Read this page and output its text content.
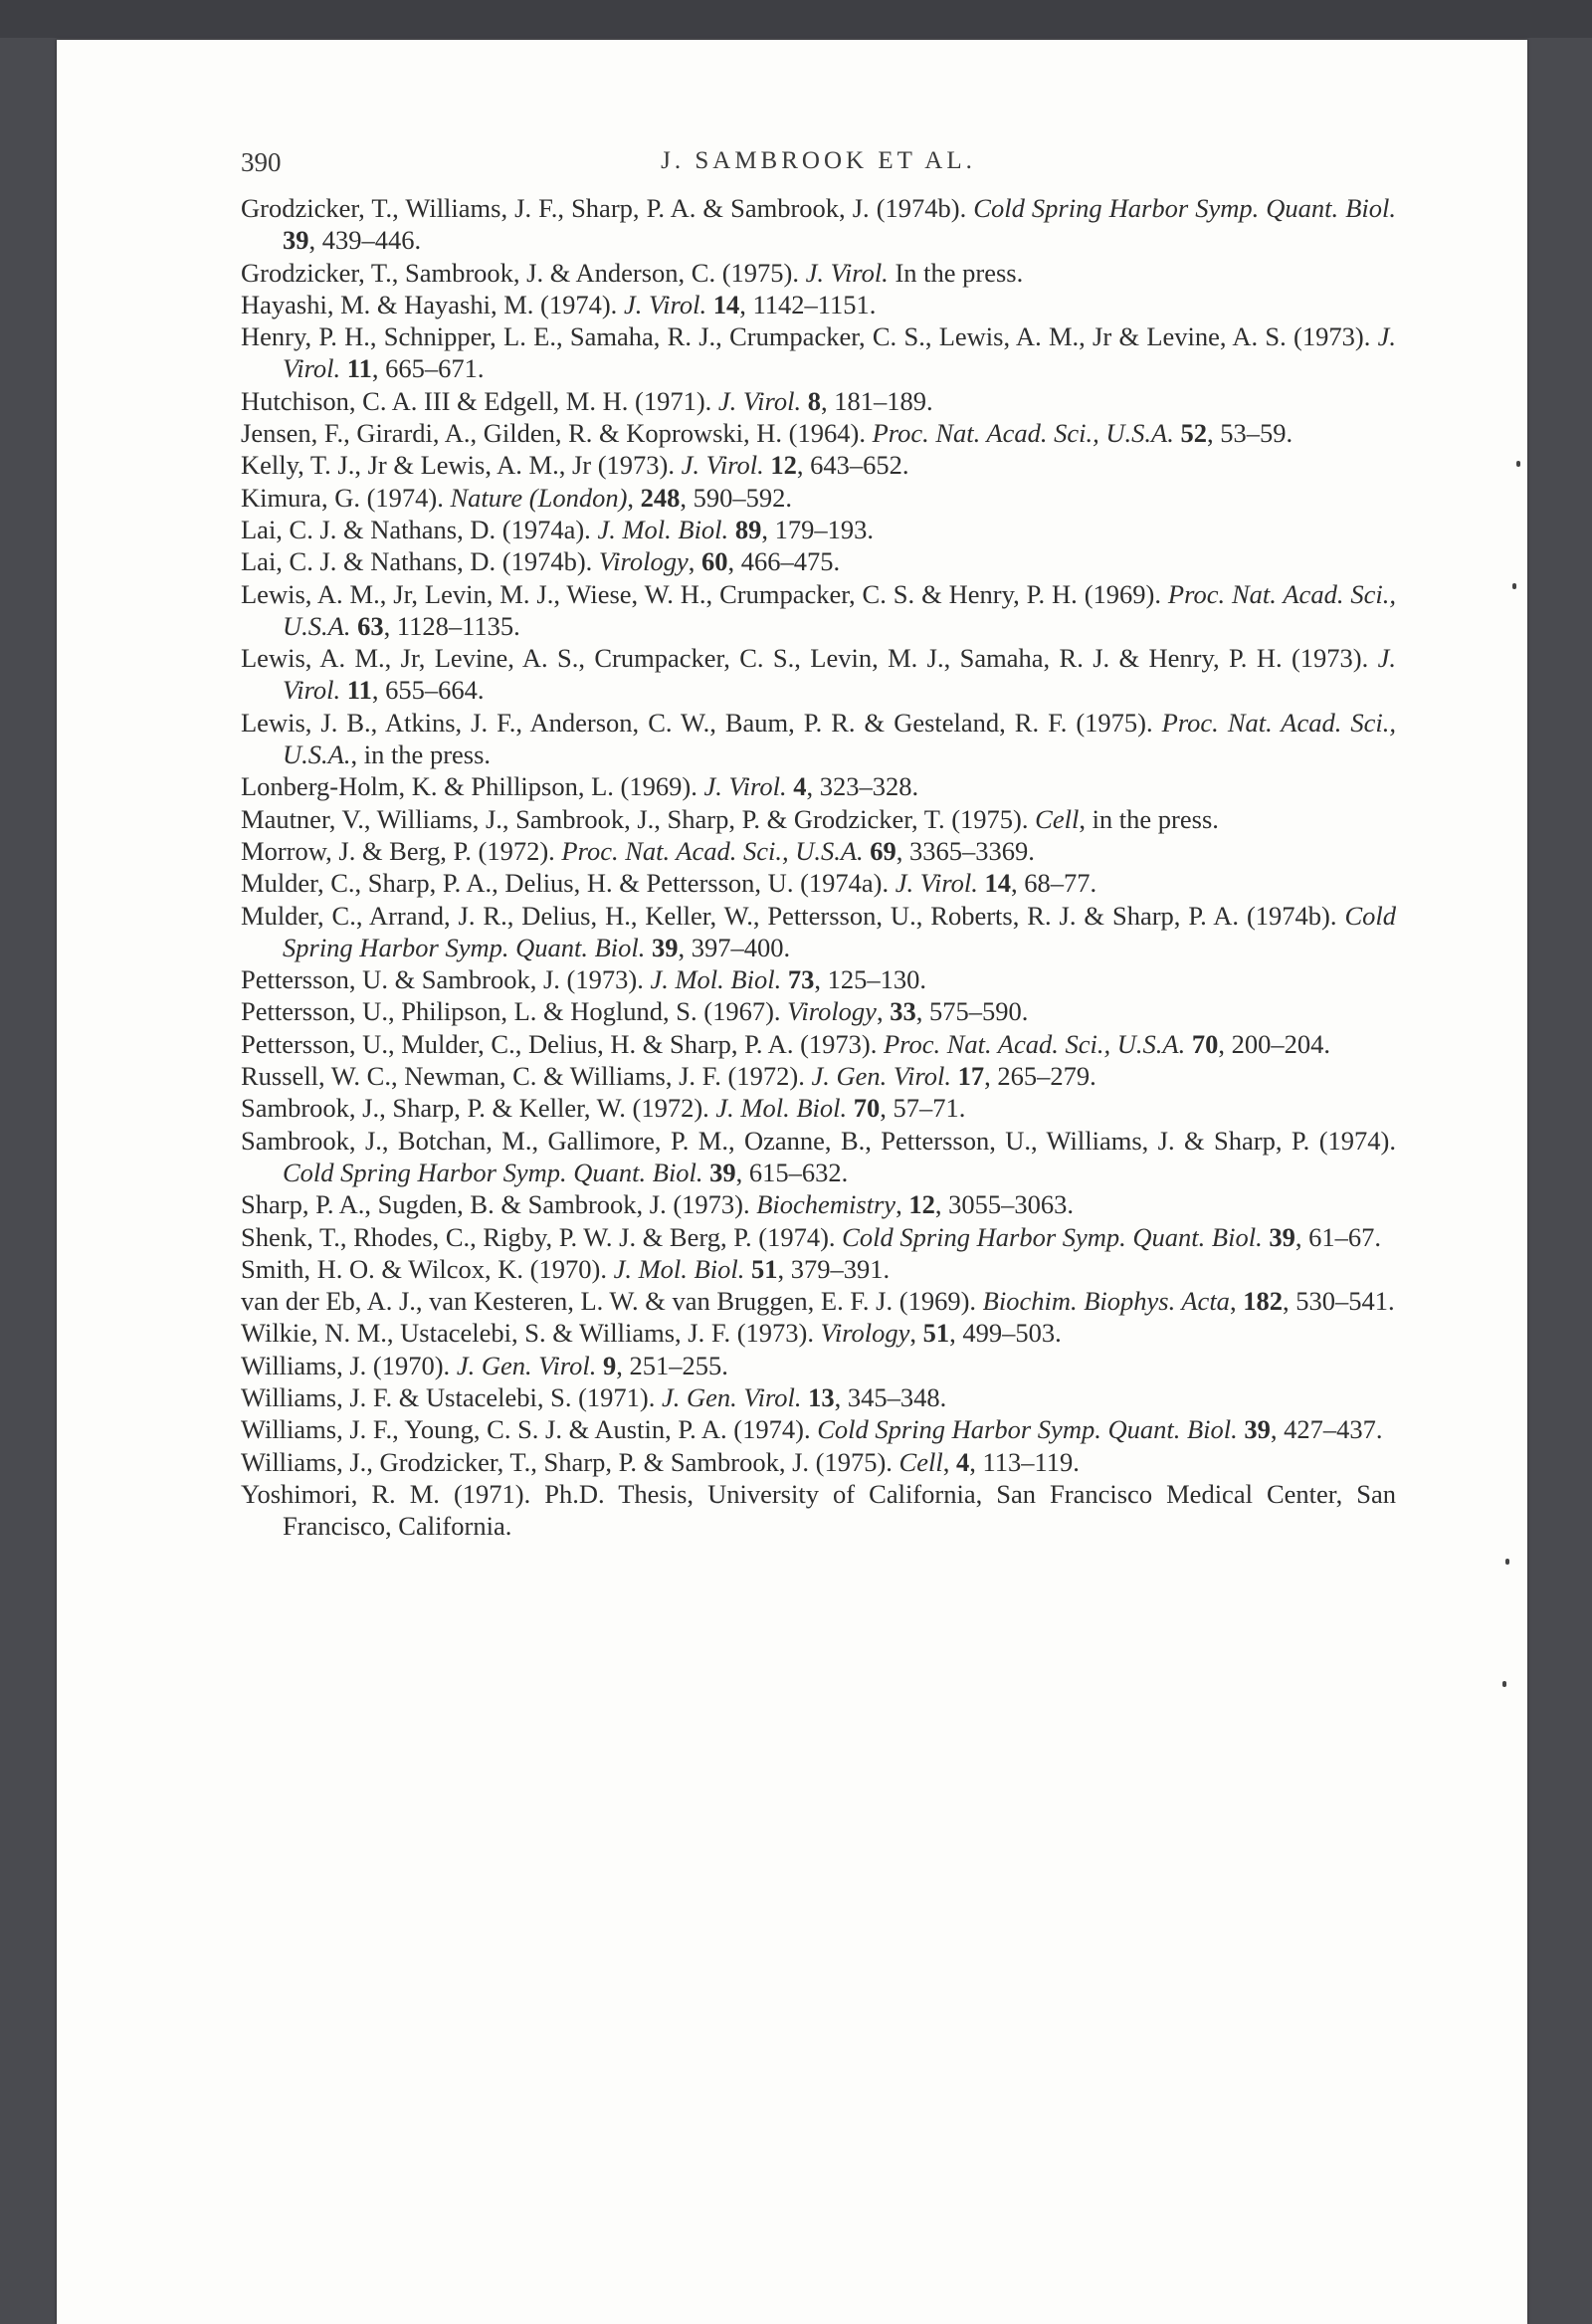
390	J. SAMBROOK ET AL.
Grodzicker, T., Williams, J. F., Sharp, P. A. & Sambrook, J. (1974b). Cold Spring Harbor Symp. Quant. Biol. 39, 439–446.
Grodzicker, T., Sambrook, J. & Anderson, C. (1975). J. Virol. In the press.
Hayashi, M. & Hayashi, M. (1974). J. Virol. 14, 1142–1151.
Henry, P. H., Schnipper, L. E., Samaha, R. J., Crumpacker, C. S., Lewis, A. M., Jr & Levine, A. S. (1973). J. Virol. 11, 665–671.
Hutchison, C. A. III & Edgell, M. H. (1971). J. Virol. 8, 181–189.
Jensen, F., Girardi, A., Gilden, R. & Koprowski, H. (1964). Proc. Nat. Acad. Sci., U.S.A. 52, 53–59.
Kelly, T. J., Jr & Lewis, A. M., Jr (1973). J. Virol. 12, 643–652.
Kimura, G. (1974). Nature (London), 248, 590–592.
Lai, C. J. & Nathans, D. (1974a). J. Mol. Biol. 89, 179–193.
Lai, C. J. & Nathans, D. (1974b). Virology, 60, 466–475.
Lewis, A. M., Jr, Levin, M. J., Wiese, W. H., Crumpacker, C. S. & Henry, P. H. (1969). Proc. Nat. Acad. Sci., U.S.A. 63, 1128–1135.
Lewis, A. M., Jr, Levine, A. S., Crumpacker, C. S., Levin, M. J., Samaha, R. J. & Henry, P. H. (1973). J. Virol. 11, 655–664.
Lewis, J. B., Atkins, J. F., Anderson, C. W., Baum, P. R. & Gesteland, R. F. (1975). Proc. Nat. Acad. Sci., U.S.A., in the press.
Lonberg-Holm, K. & Phillipson, L. (1969). J. Virol. 4, 323–328.
Mautner, V., Williams, J., Sambrook, J., Sharp, P. & Grodzicker, T. (1975). Cell, in the press.
Morrow, J. & Berg, P. (1972). Proc. Nat. Acad. Sci., U.S.A. 69, 3365–3369.
Mulder, C., Sharp, P. A., Delius, H. & Pettersson, U. (1974a). J. Virol. 14, 68–77.
Mulder, C., Arrand, J. R., Delius, H., Keller, W., Pettersson, U., Roberts, R. J. & Sharp, P. A. (1974b). Cold Spring Harbor Symp. Quant. Biol. 39, 397–400.
Pettersson, U. & Sambrook, J. (1973). J. Mol. Biol. 73, 125–130.
Pettersson, U., Philipson, L. & Hoglund, S. (1967). Virology, 33, 575–590.
Pettersson, U., Mulder, C., Delius, H. & Sharp, P. A. (1973). Proc. Nat. Acad. Sci., U.S.A. 70, 200–204.
Russell, W. C., Newman, C. & Williams, J. F. (1972). J. Gen. Virol. 17, 265–279.
Sambrook, J., Sharp, P. & Keller, W. (1972). J. Mol. Biol. 70, 57–71.
Sambrook, J., Botchan, M., Gallimore, P. M., Ozanne, B., Pettersson, U., Williams, J. & Sharp, P. (1974). Cold Spring Harbor Symp. Quant. Biol. 39, 615–632.
Sharp, P. A., Sugden, B. & Sambrook, J. (1973). Biochemistry, 12, 3055–3063.
Shenk, T., Rhodes, C., Rigby, P. W. J. & Berg, P. (1974). Cold Spring Harbor Symp. Quant. Biol. 39, 61–67.
Smith, H. O. & Wilcox, K. (1970). J. Mol. Biol. 51, 379–391.
van der Eb, A. J., van Kesteren, L. W. & van Bruggen, E. F. J. (1969). Biochim. Biophys. Acta, 182, 530–541.
Wilkie, N. M., Ustacelebi, S. & Williams, J. F. (1973). Virology, 51, 499–503.
Williams, J. (1970). J. Gen. Virol. 9, 251–255.
Williams, J. F. & Ustacelebi, S. (1971). J. Gen. Virol. 13, 345–348.
Williams, J. F., Young, C. S. J. & Austin, P. A. (1974). Cold Spring Harbor Symp. Quant. Biol. 39, 427–437.
Williams, J., Grodzicker, T., Sharp, P. & Sambrook, J. (1975). Cell, 4, 113–119.
Yoshimori, R. M. (1971). Ph.D. Thesis, University of California, San Francisco Medical Center, San Francisco, California.
